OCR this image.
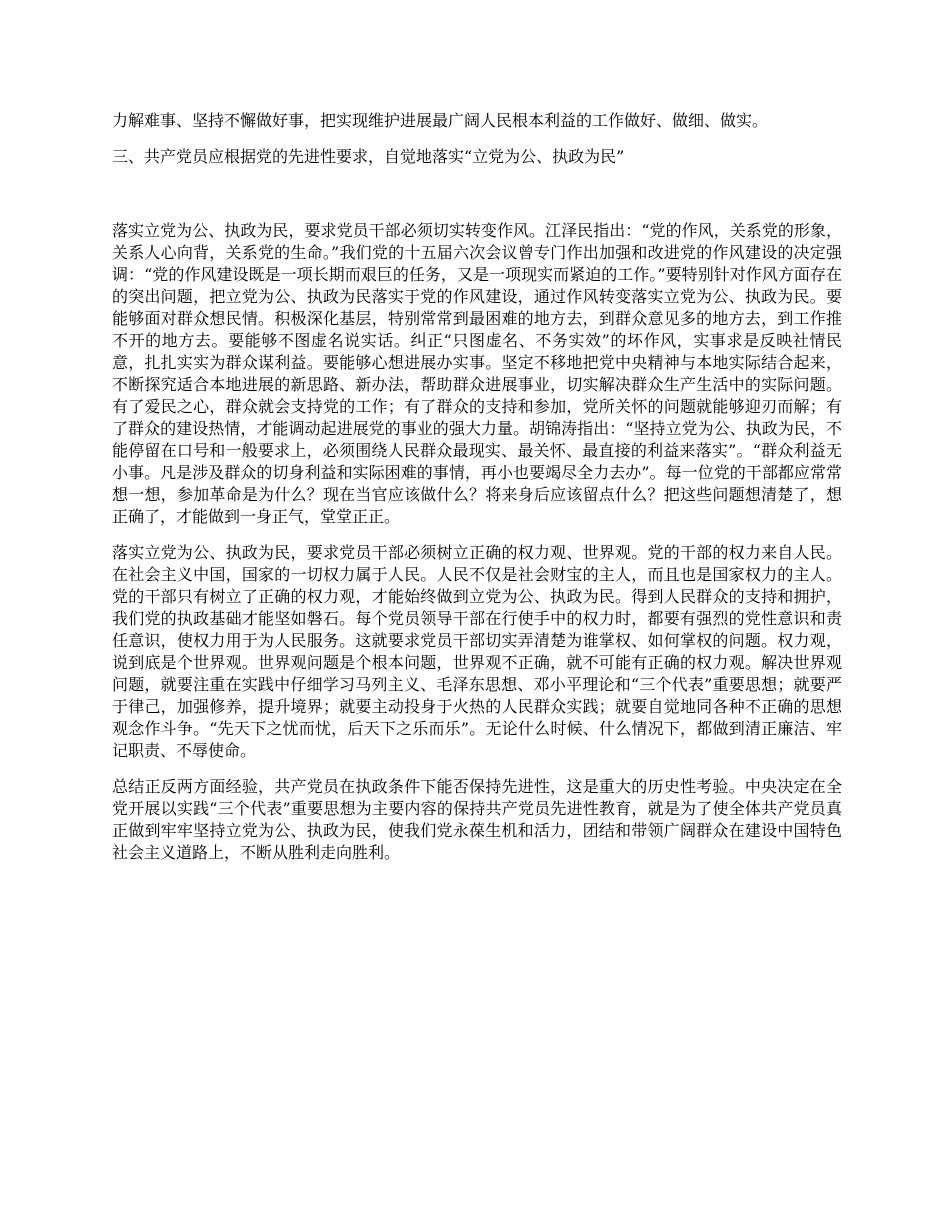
力解难事、坚持不懈做好事，把实现维护进展最广阔人民根本利益的工作做好、做细、做实。

三、共产党员应根据党的先进性要求，自觉地落实“立党为公、执政为民”

落实立党为公、执政为民，要求党员干部必须切实转变作风。江泽民指出：“党的作风，关系党的形象，关系人心向背，关系党的生命。”我们党的十五届六次会议曾专门作出加强和改进党的作风建设的决定强调：“党的作风建设既是一项长期而艰巨的任务，又是一项现实而紧迫的工作。”要特别针对作风方面存在的突出问题，把立党为公、执政为民落实于党的作风建设，通过作风转变落实立党为公、执政为民。要能够面对群众想民情。积极深化基层，特别常常到最困难的地方去，到群众意见多的地方去，到工作推不开的地方去。要能够不图虚名说实话。纠正“只图虚名、不务实效”的坏作风，实事求是反映社情民意，扎扎实实为群众谋利益。要能够心想进展办实事。坚定不移地把党中央精神与本地实际结合起来，不断探究适合本地进展的新思路、新办法，帮助群众进展事业，切实解决群众生产生活中的实际问题。有了爱民之心，群众就会支持党的工作；有了群众的支持和参加，党所关怀的问题就能够迎刃而解；有了群众的建设热情，才能调动起进展党的事业的强大力量。胡锦涛指出：“坚持立党为公、执政为民，不能停留在口号和一般要求上，必须围绕人民群众最现实、最关怀、最直接的利益来落实”。“群众利益无小事。凡是涉及群众的切身利益和实际困难的事情，再小也要竭尽全力去办”。每一位党的干部都应常常想一想，参加革命是为什么？现在当官应该做什么？将来身后应该留点什么？把这些问题想清楚了，想正确了，才能做到一身正气，堂堂正正。

落实立党为公、执政为民，要求党员干部必须树立正确的权力观、世界观。党的干部的权力来自人民。在社会主义中国，国家的一切权力属于人民。人民不仅是社会财宝的主人，而且也是国家权力的主人。党的干部只有树立了正确的权力观，才能始终做到立党为公、执政为民。得到人民群众的支持和拥护，我们党的执政基础才能坚如磐石。每个党员领导干部在行使手中的权力时，都要有强烈的党性意识和责任意识，使权力用于为人民服务。这就要求党员干部切实弄清楚为谁掌权、如何掌权的问题。权力观，说到底是个世界观。世界观问题是个根本问题，世界观不正确，就不可能有正确的权力观。解决世界观问题，就要注重在实践中仔细学习马列主义、毛泽东思想、邓小平理论和“三个代表”重要思想；就要严于律己，加强修养，提升境界；就要主动投身于火热的人民群众实践；就要自觉地同各种不正确的思想观念作斗争。“先天下之忧而忧，后天下之乐而乐”。无论什么时候、什么情况下，都做到清正廉洁、牢记职责、不辱使命。

总结正反两方面经验，共产党员在执政条件下能否保持先进性，这是重大的历史性考验。中央决定在全党开展以实践“三个代表”重要思想为主要内容的保持共产党员先进性教育，就是为了使全体共产党员真正做到牢牢坚持立党为公、执政为民，使我们党永葆生机和活力，团结和带领广阔群众在建设中国特色社会主义道路上，不断从胜利走向胜利。
